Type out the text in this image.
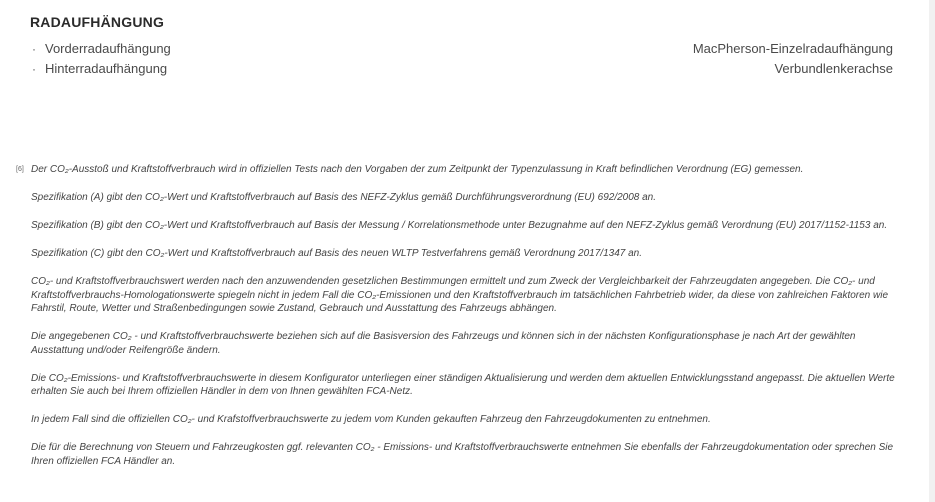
RADAUFHÄNGUNG
· Vorderradaufhängung	MacPherson-Einzelradaufhängung
· Hinterradaufhängung	Verbundlenkerachse
[6] Der CO₂-Ausstoß und Kraftstoffverbrauch wird in offiziellen Tests nach den Vorgaben der zum Zeitpunkt der Typenzulassung in Kraft befindlichen Verordnung (EG) gemessen.

Spezifikation (A) gibt den CO₂-Wert und Kraftstoffverbrauch auf Basis des NEFZ-Zyklus gemäß Durchführungsverordnung (EU) 692/2008 an.

Spezifikation (B) gibt den CO₂-Wert und Kraftstoffverbrauch auf Basis der Messung / Korrelationsmethode unter Bezugnahme auf den NEFZ-Zyklus gemäß Verordnung (EU) 2017/1152-1153 an.

Spezifikation (C) gibt den CO₂-Wert und Kraftstoffverbrauch auf Basis des neuen WLTP Testverfahrens gemäß Verordnung 2017/1347 an.

CO₂- und Kraftstoffverbrauchswert werden nach den anzuwendenden gesetzlichen Bestimmungen ermittelt und zum Zweck der Vergleichbarkeit der Fahrzeugdaten angegeben. Die CO₂- und Kraftstoffverbrauchs-Homologationswerte spiegeln nicht in jedem Fall die CO₂-Emissionen und den Kraftstoffverbrauch im tatsächlichen Fahrbetrieb wider, da diese von zahlreichen Faktoren wie Fahrstil, Route, Wetter und Straßenbedingungen sowie Zustand, Gebrauch und Ausstattung des Fahrzeugs abhängen.

Die angegebenen CO₂ - und Kraftstoffverbrauchswerte beziehen sich auf die Basisversion des Fahrzeugs und können sich in der nächsten Konfigurationsphase je nach Art der gewählten Ausstattung und/oder Reifengröße ändern.

Die CO₂-Emissions- und Kraftstoffverbrauchswerte in diesem Konfigurator unterliegen einer ständigen Aktualisierung und werden dem aktuellen Entwicklungsstand angepasst. Die aktuellen Werte erhalten Sie auch bei Ihrem offiziellen Händler in dem von Ihnen gewählten FCA-Netz.

In jedem Fall sind die offiziellen CO₂- und Krafstoffverbrauchswerte zu jedem vom Kunden gekauften Fahrzeug den Fahrzeugdokumenten zu entnehmen.

Die für die Berechnung von Steuern und Fahrzeugkosten ggf. relevanten CO₂ - Emissions- und Kraftstoffverbrauchswerte entnehmen Sie ebenfalls der Fahrzeugdokumentation oder sprechen Sie Ihren offiziellen FCA Händler an.
